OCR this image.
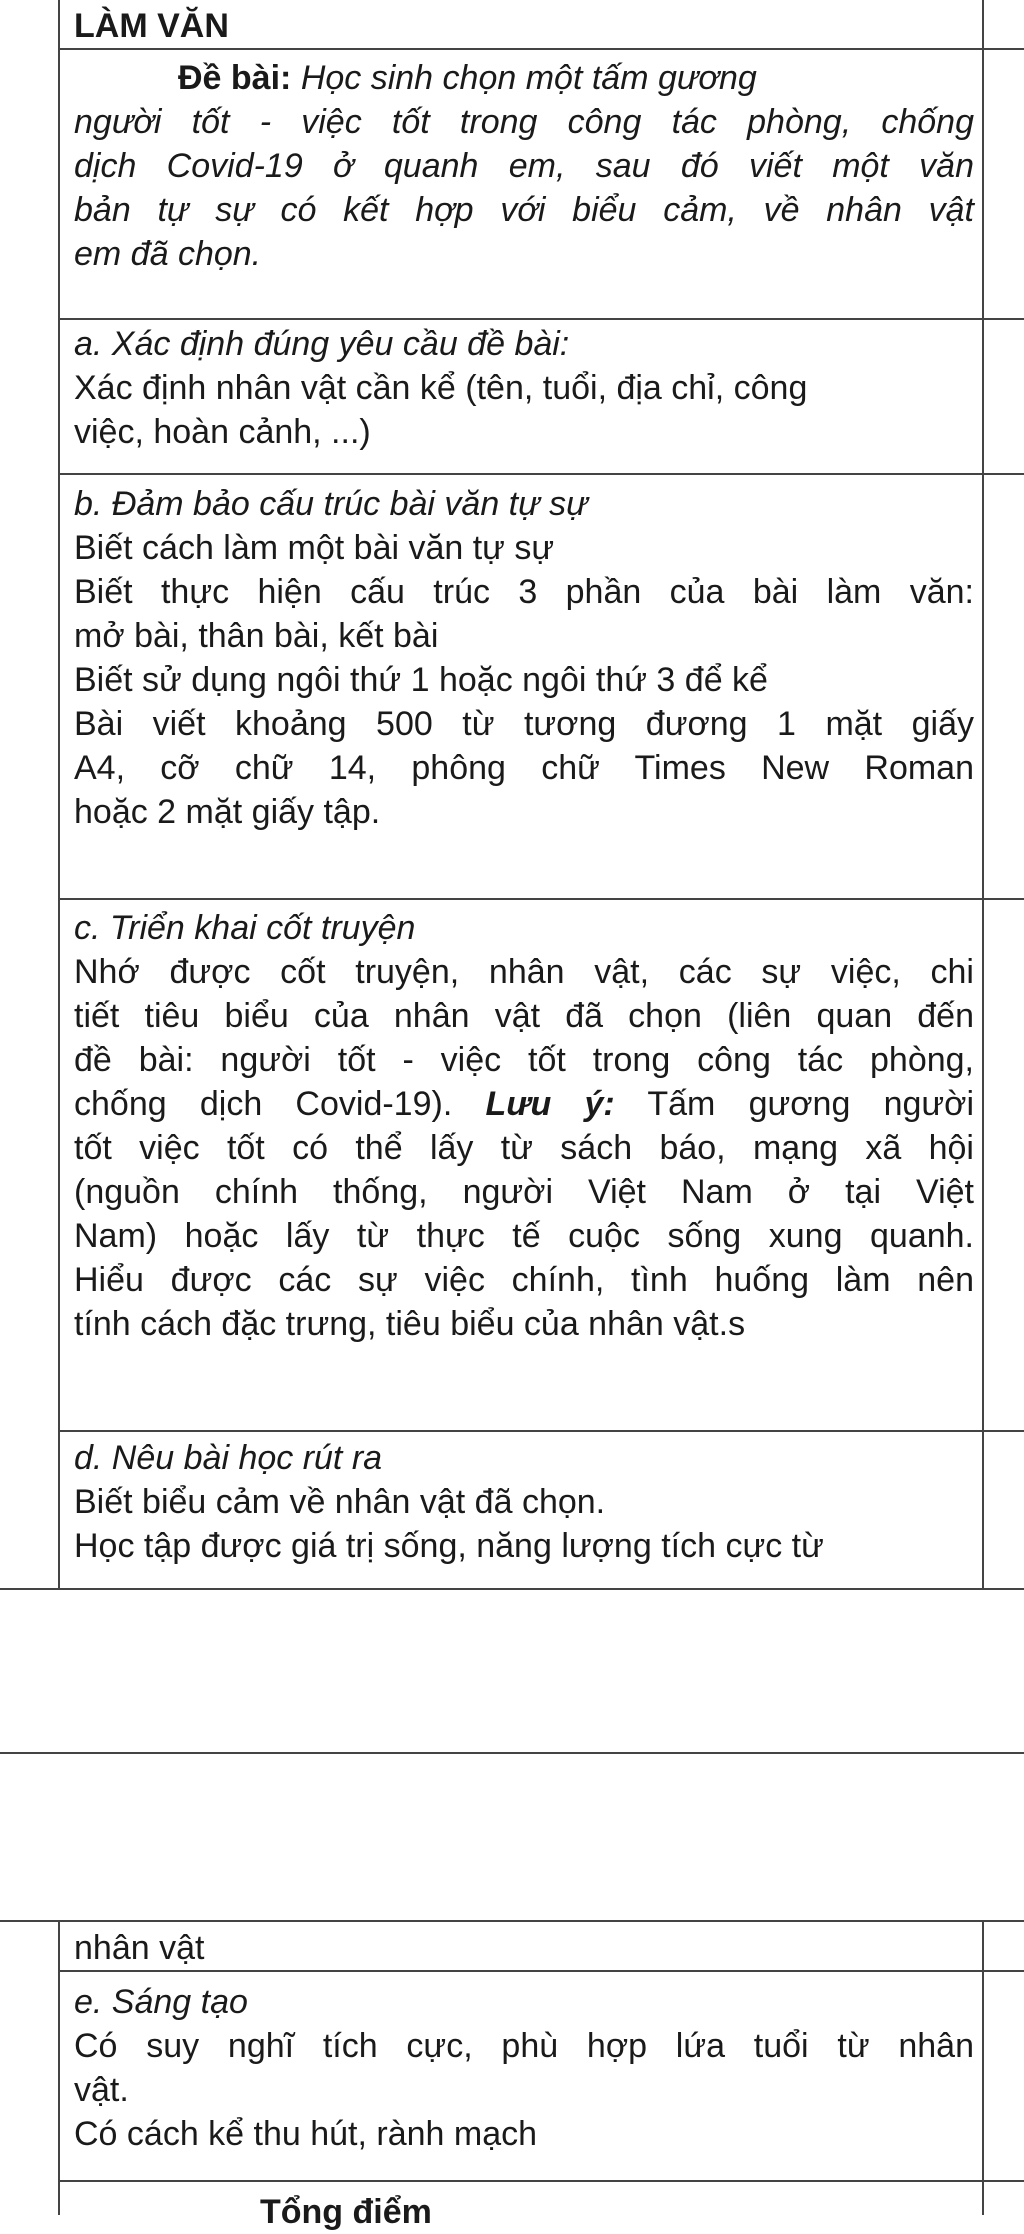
LÀM VĂN
Đề bài: Học sinh chọn một tấm gương
người tốt - việc tốt trong công tác phòng, chống
dịch Covid-19 ở quanh em, sau đó viết một văn
bản tự sự có kết hợp với biểu cảm, về nhân vật
em đã chọn.
a. Xác định đúng yêu cầu đề bài:
Xác định nhân vật cần kể (tên, tuổi, địa chỉ, công
việc, hoàn cảnh, ...)
b. Đảm bảo cấu trúc bài văn tự sự
Biết cách làm một bài văn tự sự
Biết thực hiện cấu trúc 3 phần của bài làm văn:
mở bài, thân bài, kết bài
Biết sử dụng ngôi thứ 1 hoặc ngôi thứ 3 để kể
Bài viết khoảng 500 từ tương đương 1 mặt giấy
A4, cỡ chữ 14, phông chữ Times New Roman
hoặc 2 mặt giấy tập.
c. Triển khai cốt truyện
Nhớ được cốt truyện, nhân vật, các sự việc, chi
tiết tiêu biểu của nhân vật đã chọn (liên quan đến
đề bài: người tốt - việc tốt trong công tác phòng,
chống dịch Covid-19). Lưu ý: Tấm gương người
tốt việc tốt có thể lấy từ sách báo, mạng xã hội
(nguồn chính thống, người Việt Nam ở tại Việt
Nam) hoặc lấy từ thực tế cuộc sống xung quanh.
Hiểu được các sự việc chính, tình huống làm nên
tính cách đặc trưng, tiêu biểu của nhân vật.s
d. Nêu bài học rút ra
Biết biểu cảm về nhân vật đã chọn.
Học tập được giá trị sống, năng lượng tích cực từ
nhân vật
e. Sáng tạo
Có suy nghĩ tích cực, phù hợp lứa tuổi từ nhân
vật.
Có cách kể thu hút, rành mạch
Tổng điểm
